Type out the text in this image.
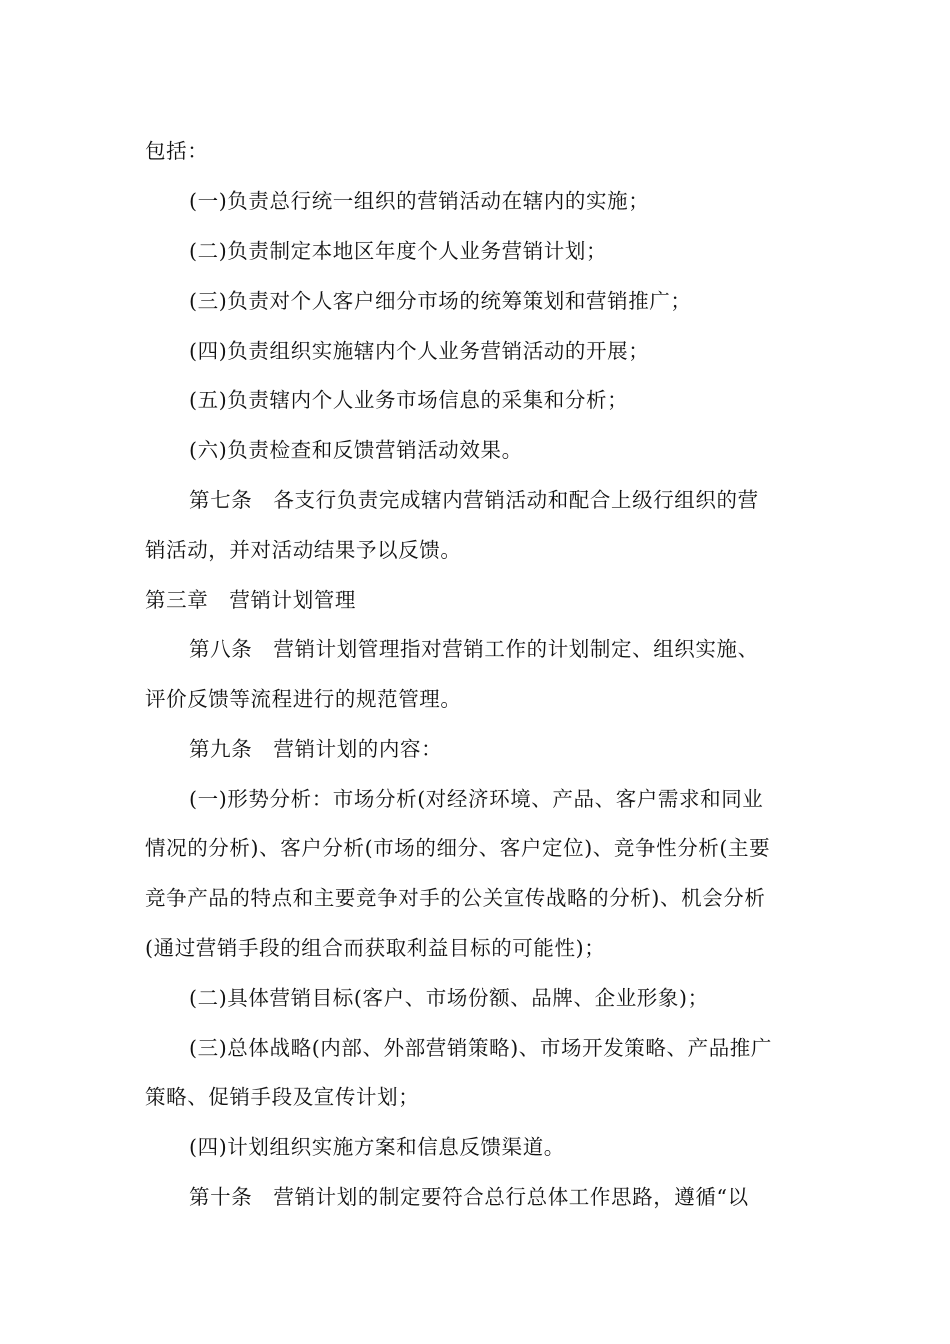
包括：
(一)负责总行统一组织的营销活动在辖内的实施；
(二)负责制定本地区年度个人业务营销计划；
(三)负责对个人客户细分市场的统筹策划和营销推广；
(四)负责组织实施辖内个人业务营销活动的开展；
(五)负责辖内个人业务市场信息的采集和分析；
(六)负责检查和反馈营销活动效果。
第七条　各支行负责完成辖内营销活动和配合上级行组织的营
销活动，并对活动结果予以反馈。
第三章　营销计划管理
第八条　营销计划管理指对营销工作的计划制定、组织实施、
评价反馈等流程进行的规范管理。
第九条　营销计划的内容：
(一)形势分析：市场分析(对经济环境、产品、客户需求和同业
情况的分析)、客户分析(市场的细分、客户定位)、竞争性分析(主要
竞争产品的特点和主要竞争对手的公关宣传战略的分析)、机会分析
(通过营销手段的组合而获取利益目标的可能性)；
(二)具体营销目标(客户、市场份额、品牌、企业形象)；
(三)总体战略(内部、外部营销策略)、市场开发策略、产品推广
策略、促销手段及宣传计划；
(四)计划组织实施方案和信息反馈渠道。
第十条　营销计划的制定要符合总行总体工作思路，遵循“以
